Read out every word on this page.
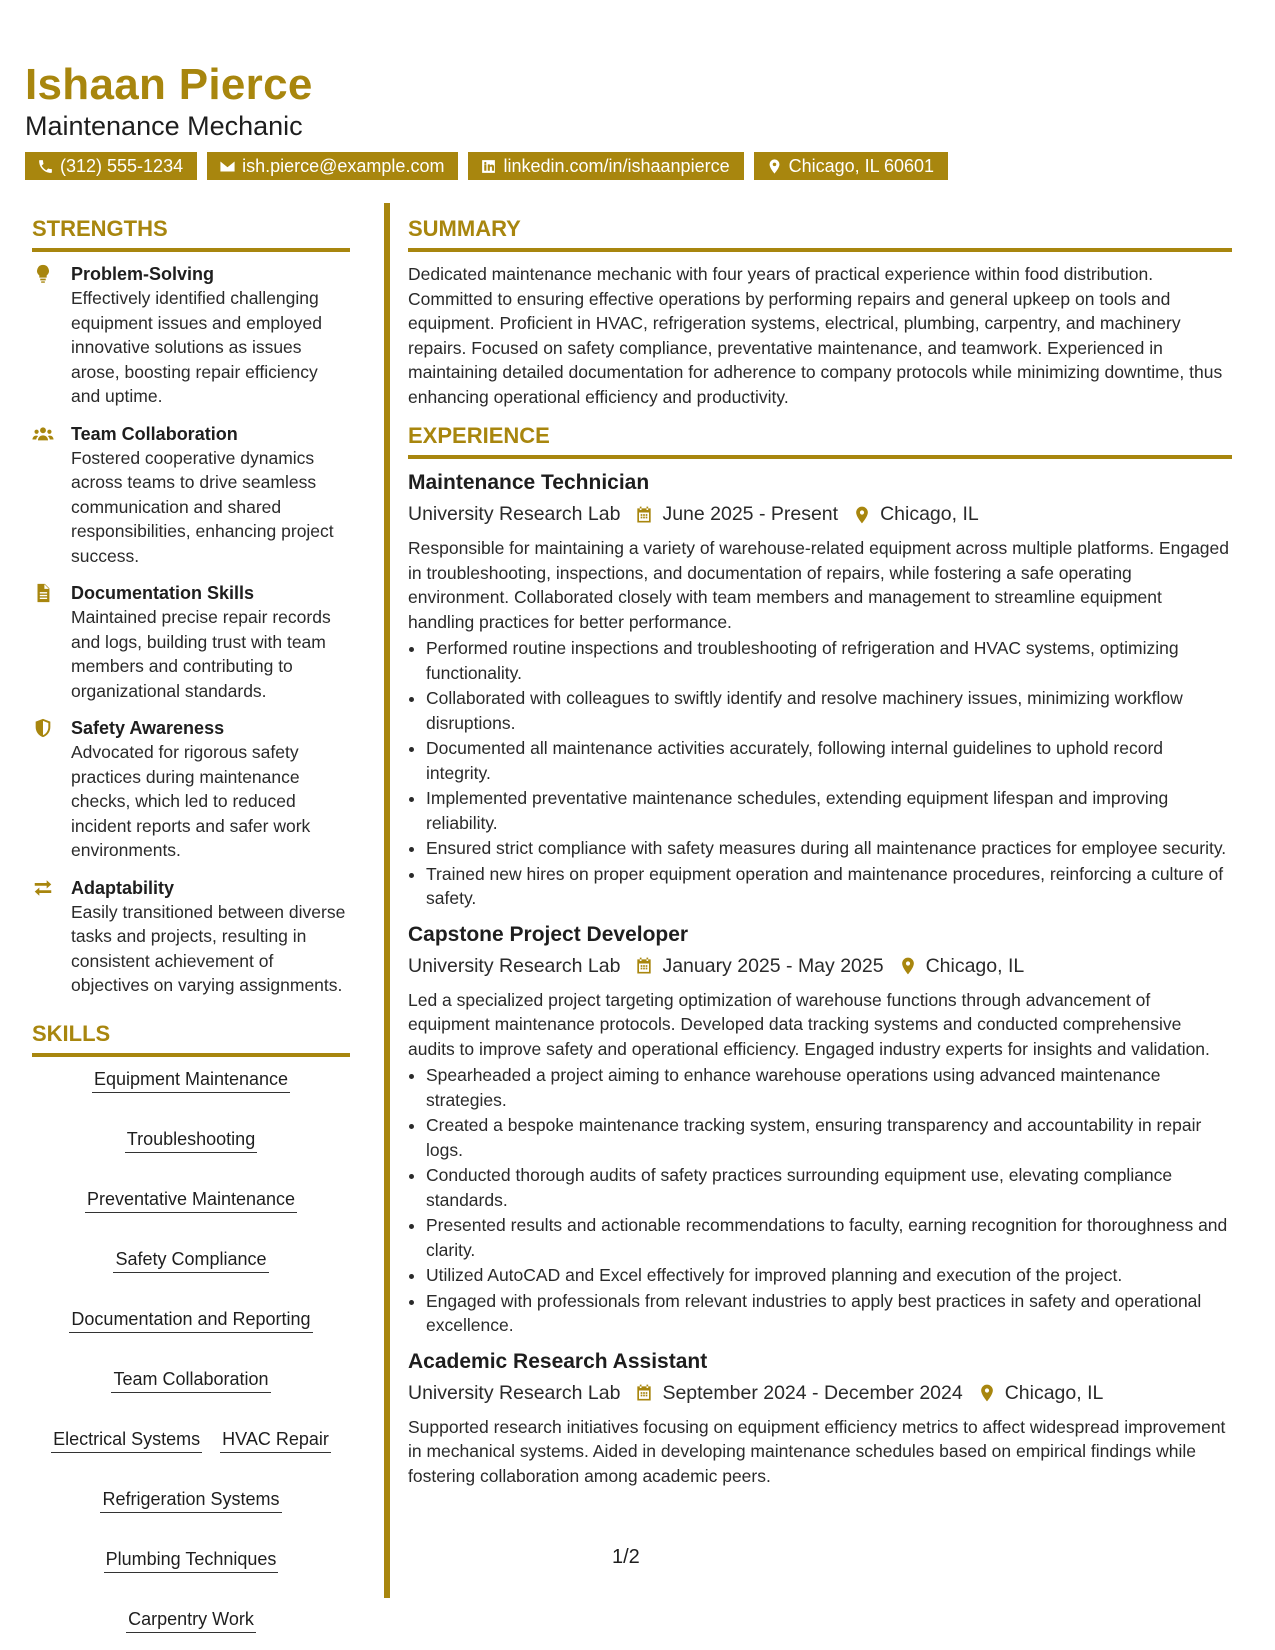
Ishaan Pierce
Maintenance Mechanic
(312) 555-1234	ish.pierce@example.com	linkedin.com/in/ishaanpierce	Chicago, IL 60601
STRENGTHS
Problem-Solving

Effectively identified challenging equipment issues and employed innovative solutions as issues arose, boosting repair efficiency and uptime.

Team Collaboration

Fostered cooperative dynamics across teams to drive seamless communication and shared responsibilities, enhancing project success.

Documentation Skills

Maintained precise repair records and logs, building trust with team members and contributing to organizational standards.

Safety Awareness

Advocated for rigorous safety practices during maintenance checks, which led to reduced incident reports and safer work environments.

Adaptability

Easily transitioned between diverse tasks and projects, resulting in consistent achievement of objectives on varying assignments.

SKILLS
Equipment Maintenance
Troubleshooting
Preventative Maintenance
Safety Compliance
Documentation and Reporting
Team Collaboration
Electrical Systems HVAC Repair
Refrigeration Systems
Plumbing Techniques
Carpentry Work
SUMMARY

Dedicated maintenance mechanic with four years of practical experience within food distribution. Committed to ensuring effective operations by performing repairs and general upkeep on tools and equipment. Proficient in HVAC, refrigeration systems, electrical, plumbing, carpentry, and machinery repairs. Focused on safety compliance, preventative maintenance, and teamwork. Experienced in maintaining detailed documentation for adherence to company protocols while minimizing downtime, thus enhancing operational efficiency and productivity.

EXPERIENCE
Maintenance Technician
University Research Lab June 2025 - Present Chicago, IL

Responsible for maintaining a variety of warehouse-related equipment across multiple platforms. Engaged in troubleshooting, inspections, and documentation of repairs, while fostering a safe operating environment. Collaborated closely with team members and management to streamline equipment handling practices for better performance.

• Performed routine inspections and troubleshooting of refrigeration and HVAC systems, optimizing functionality.
• Collaborated with colleagues to swiftly identify and resolve machinery issues, minimizing workflow disruptions.
• Documented all maintenance activities accurately, following internal guidelines to uphold record integrity.
• Implemented preventative maintenance schedules, extending equipment lifespan and improving reliability.
• Ensured strict compliance with safety measures during all maintenance practices for employee security.
• Trained new hires on proper equipment operation and maintenance procedures, reinforcing a culture of safety.
Capstone Project Developer
University Research Lab January 2025 - May 2025 Chicago, IL

Led a specialized project targeting optimization of warehouse functions through advancement of equipment maintenance protocols. Developed data tracking systems and conducted comprehensive audits to improve safety and operational efficiency. Engaged industry experts for insights and validation.

• Spearheaded a project aiming to enhance warehouse operations using advanced maintenance strategies.
• Created a bespoke maintenance tracking system, ensuring transparency and accountability in repair logs.
• Conducted thorough audits of safety practices surrounding equipment use, elevating compliance standards.
• Presented results and actionable recommendations to faculty, earning recognition for thoroughness and clarity.
• Utilized AutoCAD and Excel effectively for improved planning and execution of the project.
• Engaged with professionals from relevant industries to apply best practices in safety and operational excellence.
Academic Research Assistant
University Research Lab September 2024 - December 2024 Chicago, IL

Supported research initiatives focusing on equipment efficiency metrics to affect widespread improvement in mechanical systems. Aided in developing maintenance schedules based on empirical findings while fostering collaboration among academic peers.

1/2
